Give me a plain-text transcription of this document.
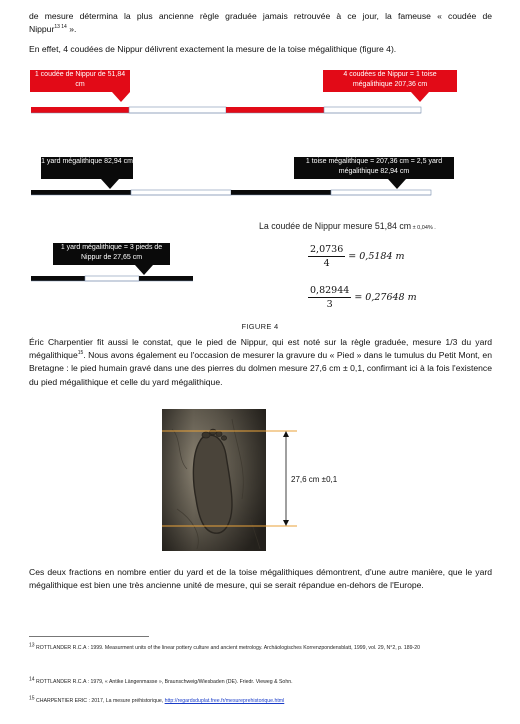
de mesure détermina la plus ancienne règle graduée jamais retrouvée à ce jour, la fameuse « coudée de
Nippur$^{13 14}$ ».
En effet, 4 coudées de Nippur délivrent exactement la mesure de la toise mégalithique (figure 4).
1 coudée de Nippur de 51,84 cm
4 coudées de Nippur = 1 toise mégalithique 207,36 cm
1 yard mégalithique 82,94 cm	1 toise mégalithique = 207,36 cm = 2,5 yard mégalithique 82,94 cm
La coudée de Nippur mesure 51,84 cm ± 0,04% .
1 yard mégalithique = 3 pieds de Nippur de 27,65 cm	$\frac{2,0736}{4} = 0,5184$ m
$\frac{0,82944}{3} = 0,27648$ m
FIGURE 4
Éric Charpentier fit aussi le constat, que le pied de Nippur, qui est noté sur la règle graduée, mesure 1/3 du yard mégalithique$^{15}$. Nous avons également eu l'occasion de mesurer la gravure du « Pied » dans le tumulus du Petit Mont, en Bretagne : le pied humain gravé dans une des pierres du dolmen mesure 27,6 cm ± 0,1, confirmant ici à la fois l'existence du pied mégalithique et celle du yard mégalithique.
27,6 cm ±0,1
Ces deux fractions en nombre entier du yard et de la toise mégalithiques démontrent, d'une autre manière, que le yard mégalithique est bien une très ancienne unité de mesure, qui se serait répandue en-dehors de l'Europe.
$^{13}$ ROTTLANDER R.C.A : 1999. Measurment units of the linear pottery culture and ancient metrology. Archäologisches Korrenzpondensblatt, 1999, vol. 29, N°2, p. 189-20
$^{14}$ ROTTLANDER R.C.A : 1979, « Antike Längenmasse », Braunschweig/Wiesbaden (DE). Friedr. Vieweg & Sohn.
$^{15}$ CHARPENTIER ERIC : 2017, La mesure préhistorique, http://regardsduplat.free.fr/mesureprehistorique.html
